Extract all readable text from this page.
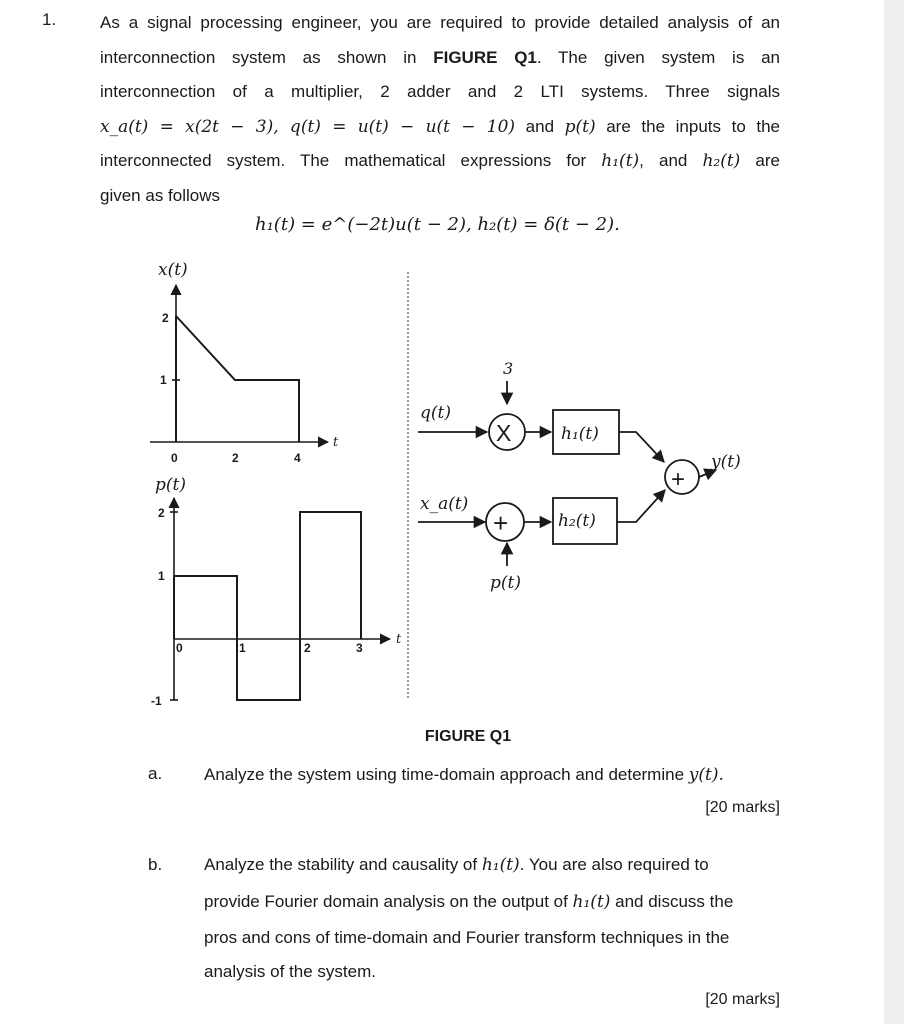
1.	As a signal processing engineer, you are required to provide detailed analysis of an
interconnection system as shown in FIGURE Q1. The given system is an
interconnection of a multiplier, 2 adder and 2 LTI systems. Three signals
x_a(t) = x(2t − 3), q(t) = u(t) − u(t − 10) and p(t) are the inputs to the
interconnected system. The mathematical expressions for h₁(t), and h₂(t) are
given as follows
h₁(t) = e^(−2t)u(t − 2), h₂(t) = δ(t − 2).
x(t)
t
2
1
0	2	4
p(t)
t
2
1
-1
0	1	2	3
3
q(t)
X	h₁(t)
x_a(t)
+
p(t)
h₂(t)
+
y(t)
FIGURE Q1
a. Analyze the system using time-domain approach and determine y(t).
[20 marks]
b. Analyze the stability and causality of h₁(t). You are also required to
provide Fourier domain analysis on the output of h₁(t) and discuss the
pros and cons of time-domain and Fourier transform techniques in the
analysis of the system.
[20 marks]
